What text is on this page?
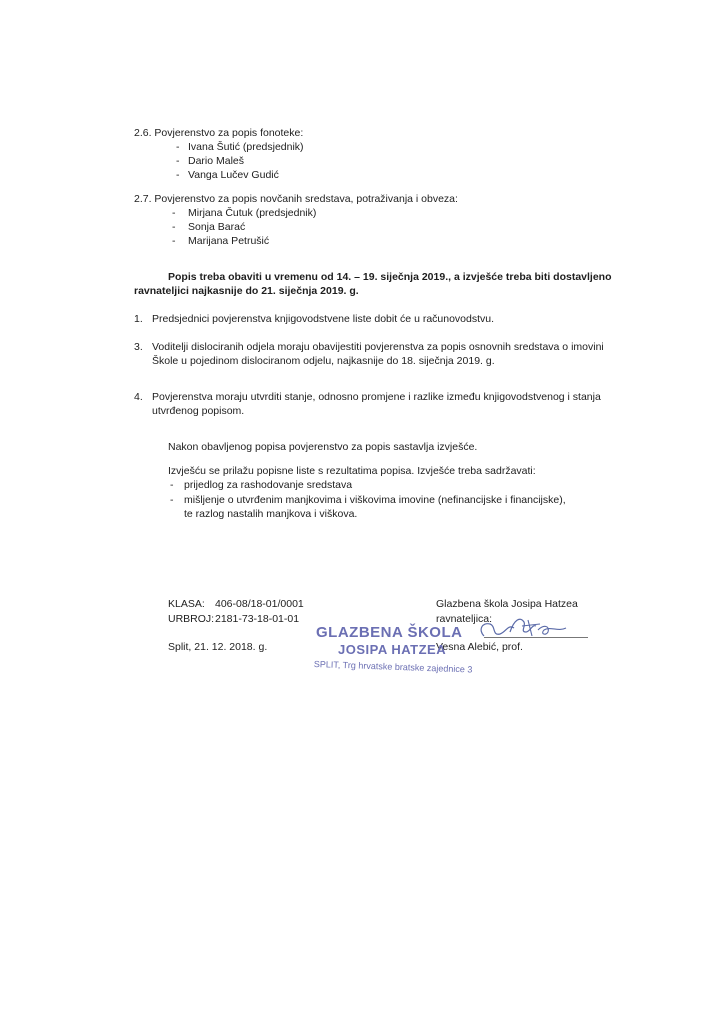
2.6. Povjerenstvo za popis fonoteke:
- Ivana Šutić (predsjednik)
- Dario Maleš
- Vanga Lučev Gudić
2.7. Povjerenstvo za popis novčanih sredstava, potraživanja i obveza:
- Mirjana Čutuk (predsjednik)
- Sonja Barać
- Marijana Petrušić
Popis treba obaviti u vremenu od 14. – 19. siječnja 2019., a izvješće treba biti dostavljeno
ravnateljici najkasnije do 21. siječnja 2019. g.
1. Predsjednici povjerenstva knjigovodstvene liste dobit će u računovodstvu.
3. Voditelji dislociranih odjela moraju obavijestiti povjerenstva za popis osnovnih sredstava o imovini
Škole u pojedinom dislociranom odjelu, najkasnije do 18. siječnja 2019. g.
4. Povjerenstva moraju utvrditi stanje, odnosno promjene i razlike između knjigovodstvenog i stanja
utvrđenog popisom.
Nakon obavljenog popisa povjerenstvo za popis sastavlja izvješće.
Izvješću se prilažu popisne liste s rezultatima popisa. Izvješće treba sadržavati:
- prijedlog za rashodovanje sredstava
- mišljenje o utvrđenim manjkovima i viškovima imovine (nefinancijske i financijske),
te razlog nastalih manjkova i viškova.
KLASA: 406-08/18-01/0001
URBROJ: 2181-73-18-01-01
Split, 21. 12. 2018. g.
Glazbena škola Josipa Hatzea
ravnateljica:
Vesna Alebić, prof.
GLAZBENA ŠKOLA
JOSIPA HATZEA
SPLIT, Trg hrvatske bratske zajednice 3
